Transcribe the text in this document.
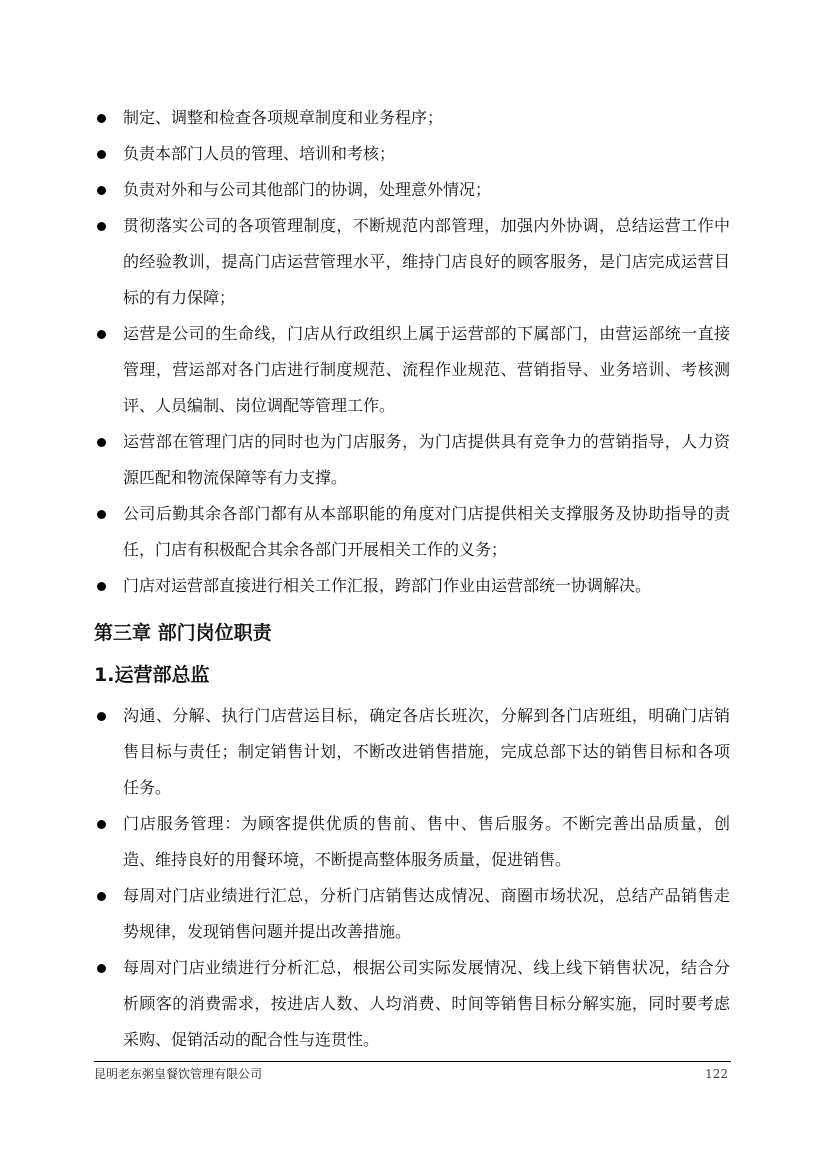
制定、调整和检查各项规章制度和业务程序；
负责本部门人员的管理、培训和考核；
负责对外和与公司其他部门的协调，处理意外情况；
贯彻落实公司的各项管理制度，不断规范内部管理，加强内外协调，总结运营工作中的经验教训，提高门店运营管理水平，维持门店良好的顾客服务，是门店完成运营目标的有力保障；
运营是公司的生命线，门店从行政组织上属于运营部的下属部门，由营运部统一直接管理，营运部对各门店进行制度规范、流程作业规范、营销指导、业务培训、考核测评、人员编制、岗位调配等管理工作。
运营部在管理门店的同时也为门店服务，为门店提供具有竞争力的营销指导，人力资源匹配和物流保障等有力支撑。
公司后勤其余各部门都有从本部职能的角度对门店提供相关支撑服务及协助指导的责任，门店有积极配合其余各部门开展相关工作的义务；
门店对运营部直接进行相关工作汇报，跨部门作业由运营部统一协调解决。
第三章 部门岗位职责
1.运营部总监
沟通、分解、执行门店营运目标，确定各店长班次，分解到各门店班组，明确门店销售目标与责任；制定销售计划，不断改进销售措施，完成总部下达的销售目标和各项任务。
门店服务管理：为顾客提供优质的售前、售中、售后服务。不断完善出品质量，创造、维持良好的用餐环境，不断提高整体服务质量，促进销售。
每周对门店业绩进行汇总，分析门店销售达成情况、商圈市场状况，总结产品销售走势规律，发现销售问题并提出改善措施。
每周对门店业绩进行分析汇总，根据公司实际发展情况、线上线下销售状况，结合分析顾客的消费需求，按进店人数、人均消费、时间等销售目标分解实施，同时要考虑采购、促销活动的配合性与连贯性。
昆明老东粥皇餐饮管理有限公司	122
